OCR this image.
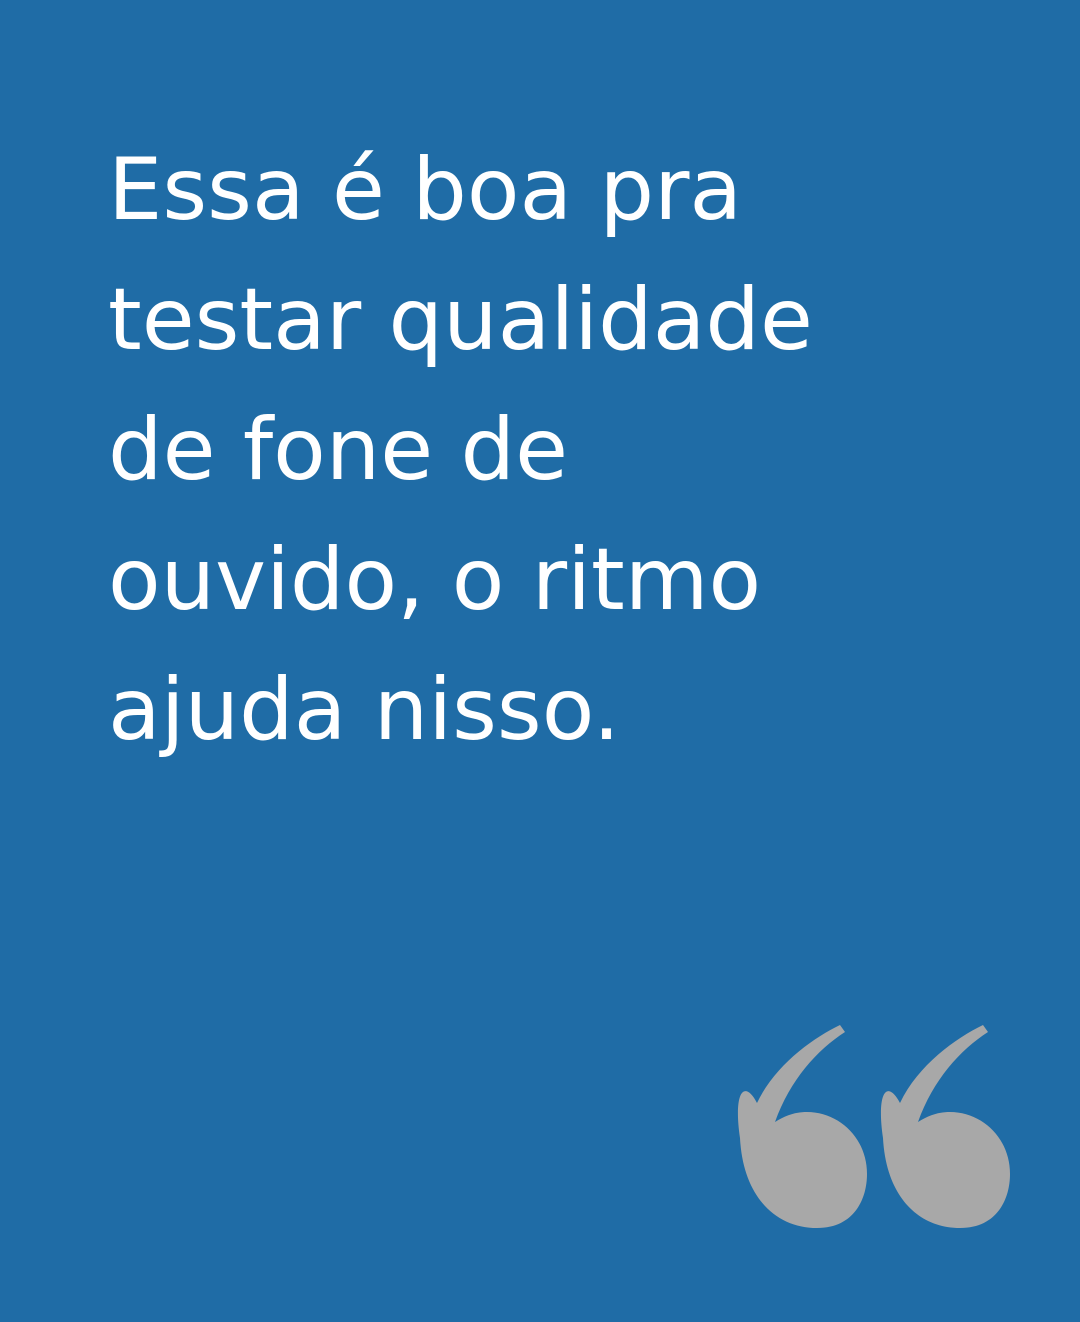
Essa é boa pra
testar qualidade
de fone de
ouvido, o ritmo
ajuda nisso.
